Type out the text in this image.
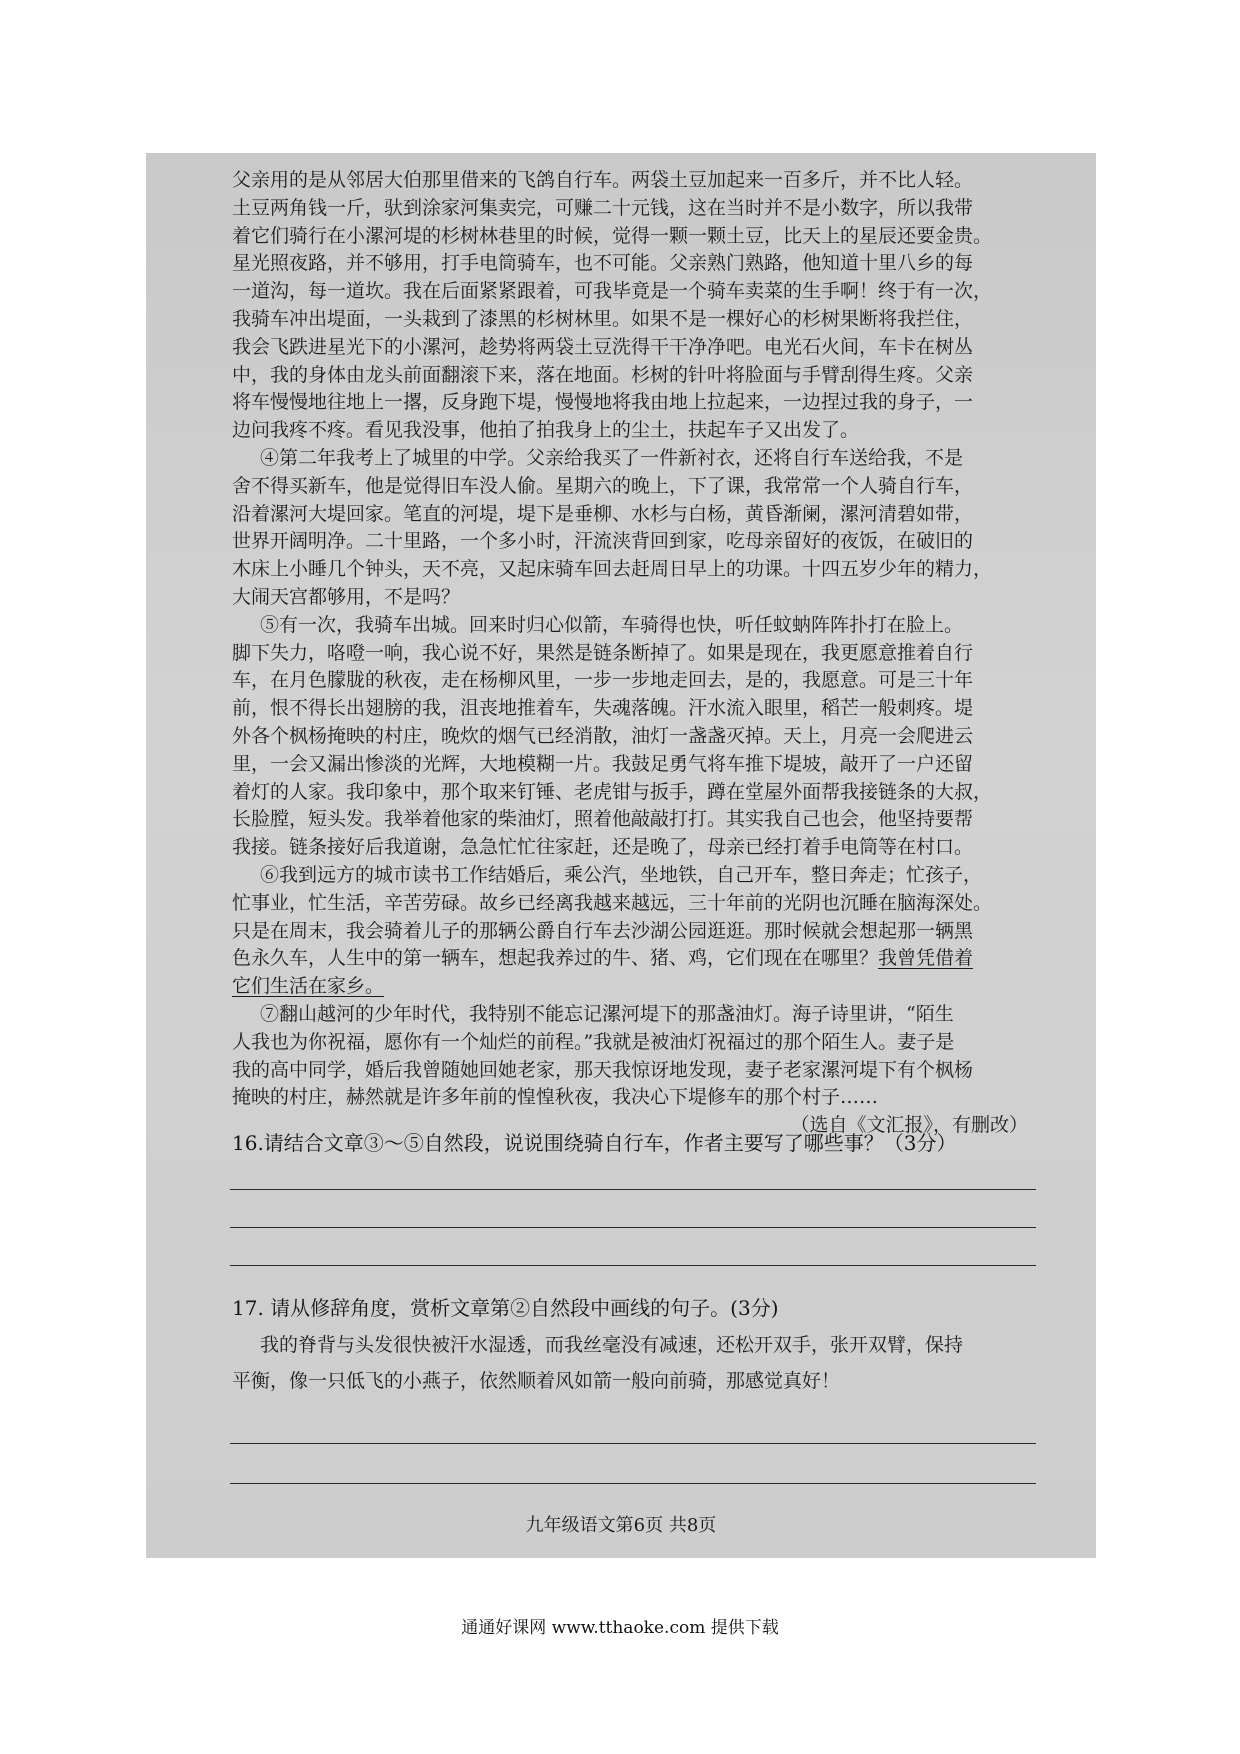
父亲用的是从邻居大伯那里借来的飞鸽自行车。两袋土豆加起来一百多斤，并不比人轻。
土豆两角钱一斤，驮到涂家河集卖完，可赚二十元钱，这在当时并不是小数字，所以我带
着它们骑行在小漯河堤的杉树林巷里的时候，觉得一颗一颗土豆，比天上的星辰还要金贵。
星光照夜路，并不够用，打手电筒骑车，也不可能。父亲熟门熟路，他知道十里八乡的每
一道沟，每一道坎。我在后面紧紧跟着，可我毕竟是一个骑车卖菜的生手啊！终于有一次，
我骑车冲出堤面，一头栽到了漆黑的杉树林里。如果不是一棵好心的杉树果断将我拦住，
我会飞跌进星光下的小漯河，趁势将两袋土豆洗得干干净净吧。电光石火间，车卡在树丛
中，我的身体由龙头前面翻滚下来，落在地面。杉树的针叶将脸面与手臂刮得生疼。父亲
将车慢慢地往地上一撂，反身跑下堤，慢慢地将我由地上拉起来，一边捏过我的身子，一
边问我疼不疼。看见我没事，他拍了拍我身上的尘土，扶起车子又出发了。
④第二年我考上了城里的中学。父亲给我买了一件新衬衣，还将自行车送给我，不是
舍不得买新车，他是觉得旧车没人偷。星期六的晚上，下了课，我常常一个人骑自行车，
沿着漯河大堤回家。笔直的河堤，堤下是垂柳、水杉与白杨，黄昏渐阑，漯河清碧如带，
世界开阔明净。二十里路，一个多小时，汗流浃背回到家，吃母亲留好的夜饭，在破旧的
木床上小睡几个钟头，天不亮，又起床骑车回去赶周日早上的功课。十四五岁少年的精力，
大闹天宫都够用，不是吗？
⑤有一次，我骑车出城。回来时归心似箭，车骑得也快，听任蚊蚋阵阵扑打在脸上。
脚下失力，咯噔一响，我心说不好，果然是链条断掉了。如果是现在，我更愿意推着自行
车，在月色朦胧的秋夜，走在杨柳风里，一步一步地走回去，是的，我愿意。可是三十年
前，恨不得长出翅膀的我，沮丧地推着车，失魂落魄。汗水流入眼里，稻芒一般刺疼。堤
外各个枫杨掩映的村庄，晚炊的烟气已经消散，油灯一盏盏灭掉。天上，月亮一会爬进云
里，一会又漏出惨淡的光辉，大地模糊一片。我鼓足勇气将车推下堤坡，敲开了一户还留
着灯的人家。我印象中，那个取来钉锤、老虎钳与扳手，蹲在堂屋外面帮我接链条的大叔，
长脸膛，短头发。我举着他家的柴油灯，照着他敲敲打打。其实我自己也会，他坚持要帮
我接。链条接好后我道谢，急急忙忙往家赶，还是晚了，母亲已经打着手电筒等在村口。
⑥我到远方的城市读书工作结婚后，乘公汽，坐地铁，自己开车，整日奔走；忙孩子，
忙事业，忙生活，辛苦劳碌。故乡已经离我越来越远，三十年前的光阴也沉睡在脑海深处。
只是在周末，我会骑着儿子的那辆公爵自行车去沙湖公园逛逛。那时候就会想起那一辆黑
色永久车，人生中的第一辆车，想起我养过的牛、猪、鸡，它们现在在哪里？我曾凭借着
它们生活在家乡。
⑦翻山越河的少年时代，我特别不能忘记漯河堤下的那盏油灯。海子诗里讲，“陌生
人我也为你祝福，愿你有一个灿烂的前程。”我就是被油灯祝福过的那个陌生人。妻子是
我的高中同学，婚后我曾随她回她老家，那天我惊讶地发现，妻子老家漯河堤下有个枫杨
掩映的村庄，赫然就是许多年前的惶惶秋夜，我决心下堤修车的那个村子……
（选自《文汇报》，有删改）
16.请结合文章③～⑤自然段，说说围绕骑自行车，作者主要写了哪些事？（3分）
17. 请从修辞角度，赏析文章第②自然段中画线的句子。(3分)
我的脊背与头发很快被汗水湿透，而我丝毫没有减速，还松开双手，张开双臂，保持
平衡，像一只低飞的小燕子，依然顺着风如箭一般向前骑，那感觉真好！
九年级语文第6页 共8页
通通好课网 www.tthaoke.com 提供下载
